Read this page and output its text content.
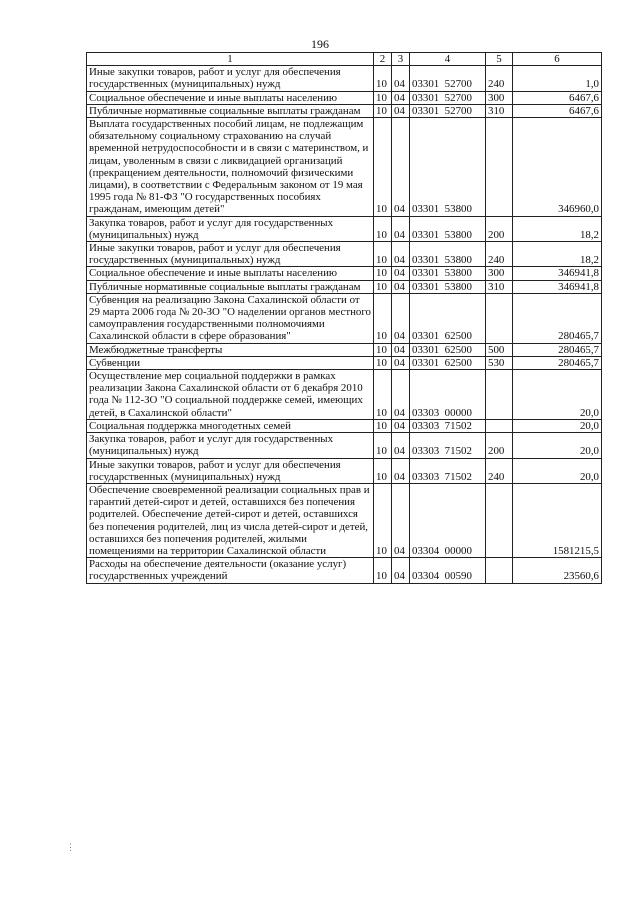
196
1	2	3	4	5	6
Иные закупки товаров, работ и услуг для обеспечения государственных (муниципальных) нужд	10	04	03301  52700	240	1,0
Социальное обеспечение и иные выплаты населению	10	04	03301  52700	300	6467,6
Публичные нормативные социальные выплаты гражданам	10	04	03301  52700	310	6467,6
Выплата государственных пособий лицам, не подлежащим обязательному социальному страхованию на случай временной нетрудоспособности и в связи с материнством, и лицам, уволенным в связи с ликвидацией организаций (прекращением деятельности, полномочий физическими лицами), в соответствии с Федеральным законом от 19 мая 1995 года № 81-ФЗ "О государственных пособиях гражданам, имеющим детей"	10	04	03301  53800		346960,0
Закупка товаров, работ и услуг для государственных (муниципальных) нужд	10	04	03301  53800	200	18,2
Иные закупки товаров, работ и услуг для обеспечения государственных (муниципальных) нужд	10	04	03301  53800	240	18,2
Социальное обеспечение и иные выплаты населению	10	04	03301  53800	300	346941,8
Публичные нормативные социальные выплаты гражданам	10	04	03301  53800	310	346941,8
Субвенция на реализацию Закона Сахалинской области от 29 марта 2006 года № 20-ЗО "О наделении органов местного самоуправления государственными полномочиями Сахалинской области в сфере образования"	10	04	03301  62500		280465,7
Межбюджетные трансферты	10	04	03301  62500	500	280465,7
Субвенции	10	04	03301  62500	530	280465,7
Осуществление мер социальной поддержки в рамках реализации Закона Сахалинской области от 6 декабря 2010 года № 112-ЗО "О социальной поддержке семей, имеющих детей, в Сахалинской области"	10	04	03303  00000		20,0
Социальная поддержка многодетных семей	10	04	03303  71502		20,0
Закупка товаров, работ и услуг для государственных (муниципальных) нужд	10	04	03303  71502	200	20,0
Иные закупки товаров, работ и услуг для обеспечения государственных (муниципальных) нужд	10	04	03303  71502	240	20,0
Обеспечение своевременной реализации социальных прав и гарантий детей-сирот и детей, оставшихся без попечения родителей. Обеспечение детей-сирот и детей, оставшихся без попечения родителей, лиц из числа детей-сирот и детей, оставшихся без попечения родителей, жилыми помещениями на территории Сахалинской области	10	04	03304  00000		1581215,5
Расходы на обеспечение деятельности (оказание услуг) государственных учреждений	10	04	03304  00590		23560,6
⋮
